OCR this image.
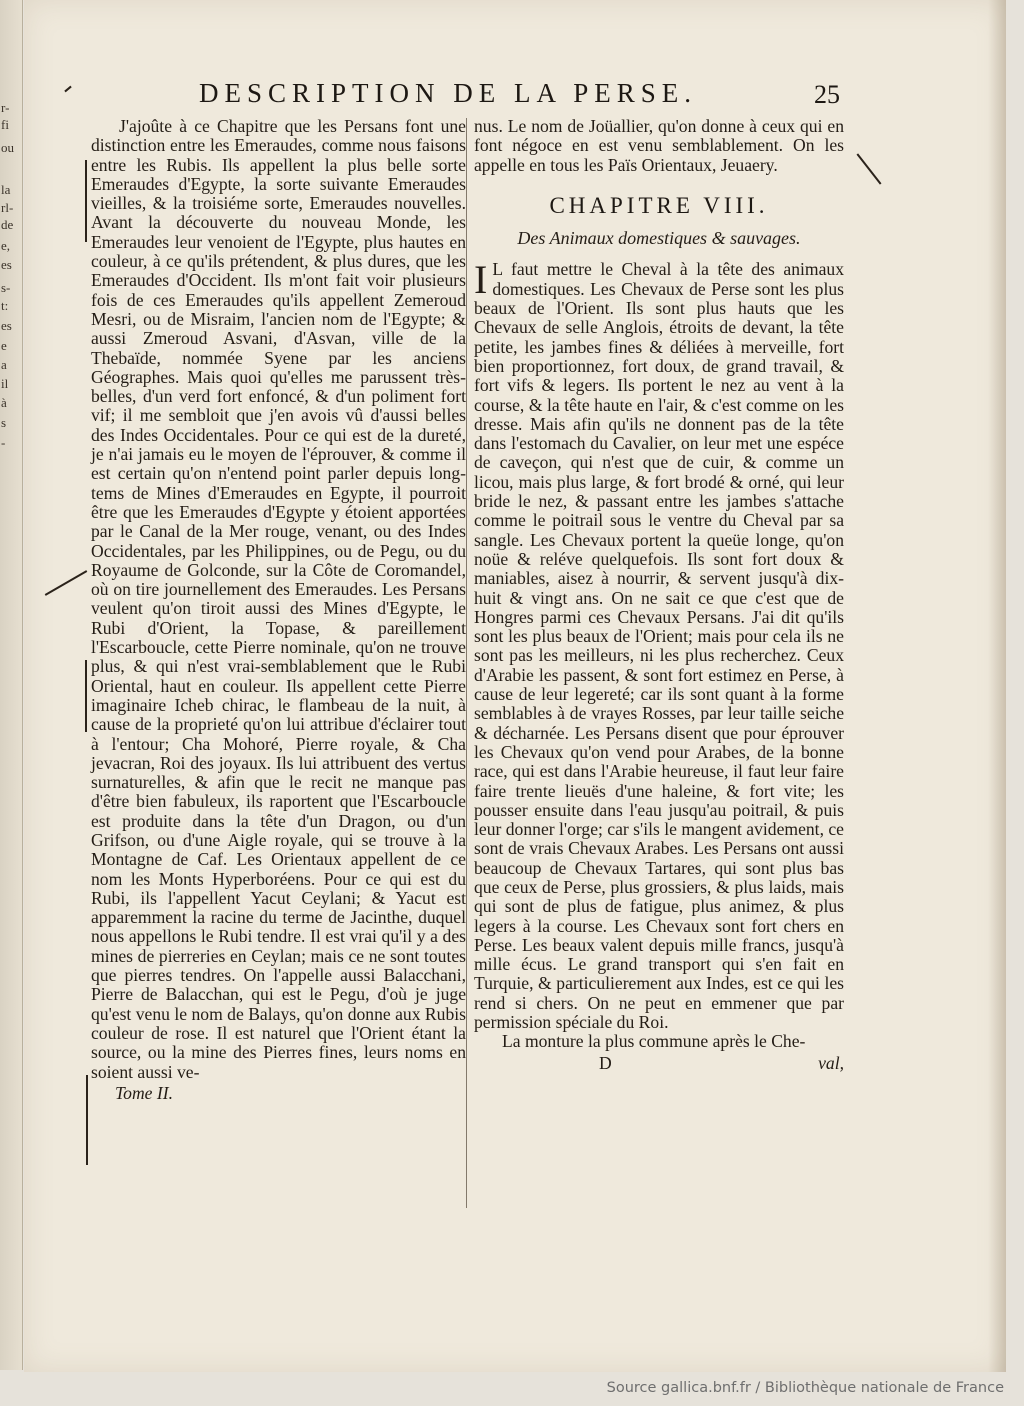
r-
fi
ou
la
rl-
de
e,
es
s-
t:
es
e
a
il
à
s
-
DESCRIPTION DE LA PERSE.	25

J'ajoûte à ce Chapitre que les Persans font une distinction entre les Emeraudes, comme nous faisons entre les Rubis. Ils appellent la plus belle sorte Emeraudes d'Egypte, la sorte suivante Emeraudes vieilles, & la troisiéme sorte, Emeraudes nouvelles. Avant la découverte du nouveau Monde, les Emeraudes leur venoient de l'Egypte, plus hautes en couleur, à ce qu'ils prétendent, & plus dures, que les Emeraudes d'Occident. Ils m'ont fait voir plusieurs fois de ces Emeraudes qu'ils appellent Zemeroud Mesri, ou de Misraim, l'ancien nom de l'Egypte; & aussi Zmeroud Asvani, d'Asvan, ville de la Thebaïde, nommée Syene par les anciens Géographes. Mais quoi qu'elles me parussent très-belles, d'un verd fort enfoncé, & d'un poliment fort vif; il me sembloit que j'en avois vû d'aussi belles des Indes Occidentales. Pour ce qui est de la dureté, je n'ai jamais eu le moyen de l'éprouver, & comme il est certain qu'on n'entend point parler depuis long-tems de Mines d'Emeraudes en Egypte, il pourroit être que les Emeraudes d'Egypte y étoient apportées par le Canal de la Mer rouge, venant, ou des Indes Occidentales, par les Philippines, ou de Pegu, ou du Royaume de Golconde, sur la Côte de Coromandel, où on tire journellement des Emeraudes. Les Persans veulent qu'on tiroit aussi des Mines d'Egypte, le Rubi d'Orient, la Topase, & pareillement l'Escarboucle, cette Pierre nominale, qu'on ne trouve plus, & qui n'est vrai-semblablement que le Rubi Oriental, haut en couleur. Ils appellent cette Pierre imaginaire Icheb chirac, le flambeau de la nuit, à cause de la proprieté qu'on lui attribue d'éclairer tout à l'entour; Cha Mohoré, Pierre royale, & Cha jevacran, Roi des joyaux. Ils lui attribuent des vertus surnaturelles, & afin que le recit ne manque pas d'être bien fabuleux, ils raportent que l'Escarboucle est produite dans la tête d'un Dragon, ou d'un Grifson, ou d'une Aigle royale, qui se trouve à la Montagne de Caf. Les Orientaux appellent de ce nom les Monts Hyperboréens. Pour ce qui est du Rubi, ils l'appellent Yacut Ceylani; & Yacut est apparemment la racine du terme de Jacinthe, duquel nous appellons le Rubi tendre. Il est vrai qu'il y a des mines de pierreries en Ceylan; mais ce ne sont toutes que pierres tendres. On l'appelle aussi Balacchani, Pierre de Balacchan, qui est le Pegu, d'où je juge qu'est venu le nom de Balays, qu'on donne aux Rubis couleur de rose. Il est naturel que l'Orient étant la source, ou la mine des Pierres fines, leurs noms en soient aussi ve-

Tome II.

nus. Le nom de Joüallier, qu'on donne à ceux qui en font négoce en est venu semblablement. On les appelle en tous les Païs Orientaux, Jeuaery.

CHAPITRE VIII.
Des Animaux domestiques & sauvages.

I L faut mettre le Cheval à la tête des animaux domestiques. Les Chevaux de Perse sont les plus beaux de l'Orient. Ils sont plus hauts que les Chevaux de selle Anglois, étroits de devant, la tête petite, les jambes fines & déliées à merveille, fort bien proportionnez, fort doux, de grand travail, & fort vifs & legers. Ils portent le nez au vent à la course, & la tête haute en l'air, & c'est comme on les dresse. Mais afin qu'ils ne donnent pas de la tête dans l'estomach du Cavalier, on leur met une espéce de caveçon, qui n'est que de cuir, & comme un licou, mais plus large, & fort brodé & orné, qui leur bride le nez, & passant entre les jambes s'attache comme le poitrail sous le ventre du Cheval par sa sangle. Les Chevaux portent la queüe longe, qu'on noüe & reléve quelquefois. Ils sont fort doux & maniables, aisez à nourrir, & servent jusqu'à dix-huit & vingt ans. On ne sait ce que c'est que de Hongres parmi ces Chevaux Persans. J'ai dit qu'ils sont les plus beaux de l'Orient; mais pour cela ils ne sont pas les meilleurs, ni les plus recherchez. Ceux d'Arabie les passent, & sont fort estimez en Perse, à cause de leur legereté; car ils sont quant à la forme semblables à de vrayes Rosses, par leur taille seiche & décharnée. Les Persans disent que pour éprouver les Chevaux qu'on vend pour Arabes, de la bonne race, qui est dans l'Arabie heureuse, il faut leur faire faire trente lieuës d'une haleine, & fort vite; les pousser ensuite dans l'eau jusqu'au poitrail, & puis leur donner l'orge; car s'ils le mangent avidement, ce sont de vrais Chevaux Arabes. Les Persans ont aussi beaucoup de Chevaux Tartares, qui sont plus bas que ceux de Perse, plus grossiers, & plus laids, mais qui sont de plus de fatigue, plus animez, & plus legers à la course. Les Chevaux sont fort chers en Perse. Les beaux valent depuis mille francs, jusqu'à mille écus. Le grand transport qui s'en fait en Turquie, & particulierement aux Indes, est ce qui les rend si chers. On ne peut en emmener que par permission spéciale du Roi.

La monture la plus commune après le Che-

D	val,
Source gallica.bnf.fr / Bibliothèque nationale de France
